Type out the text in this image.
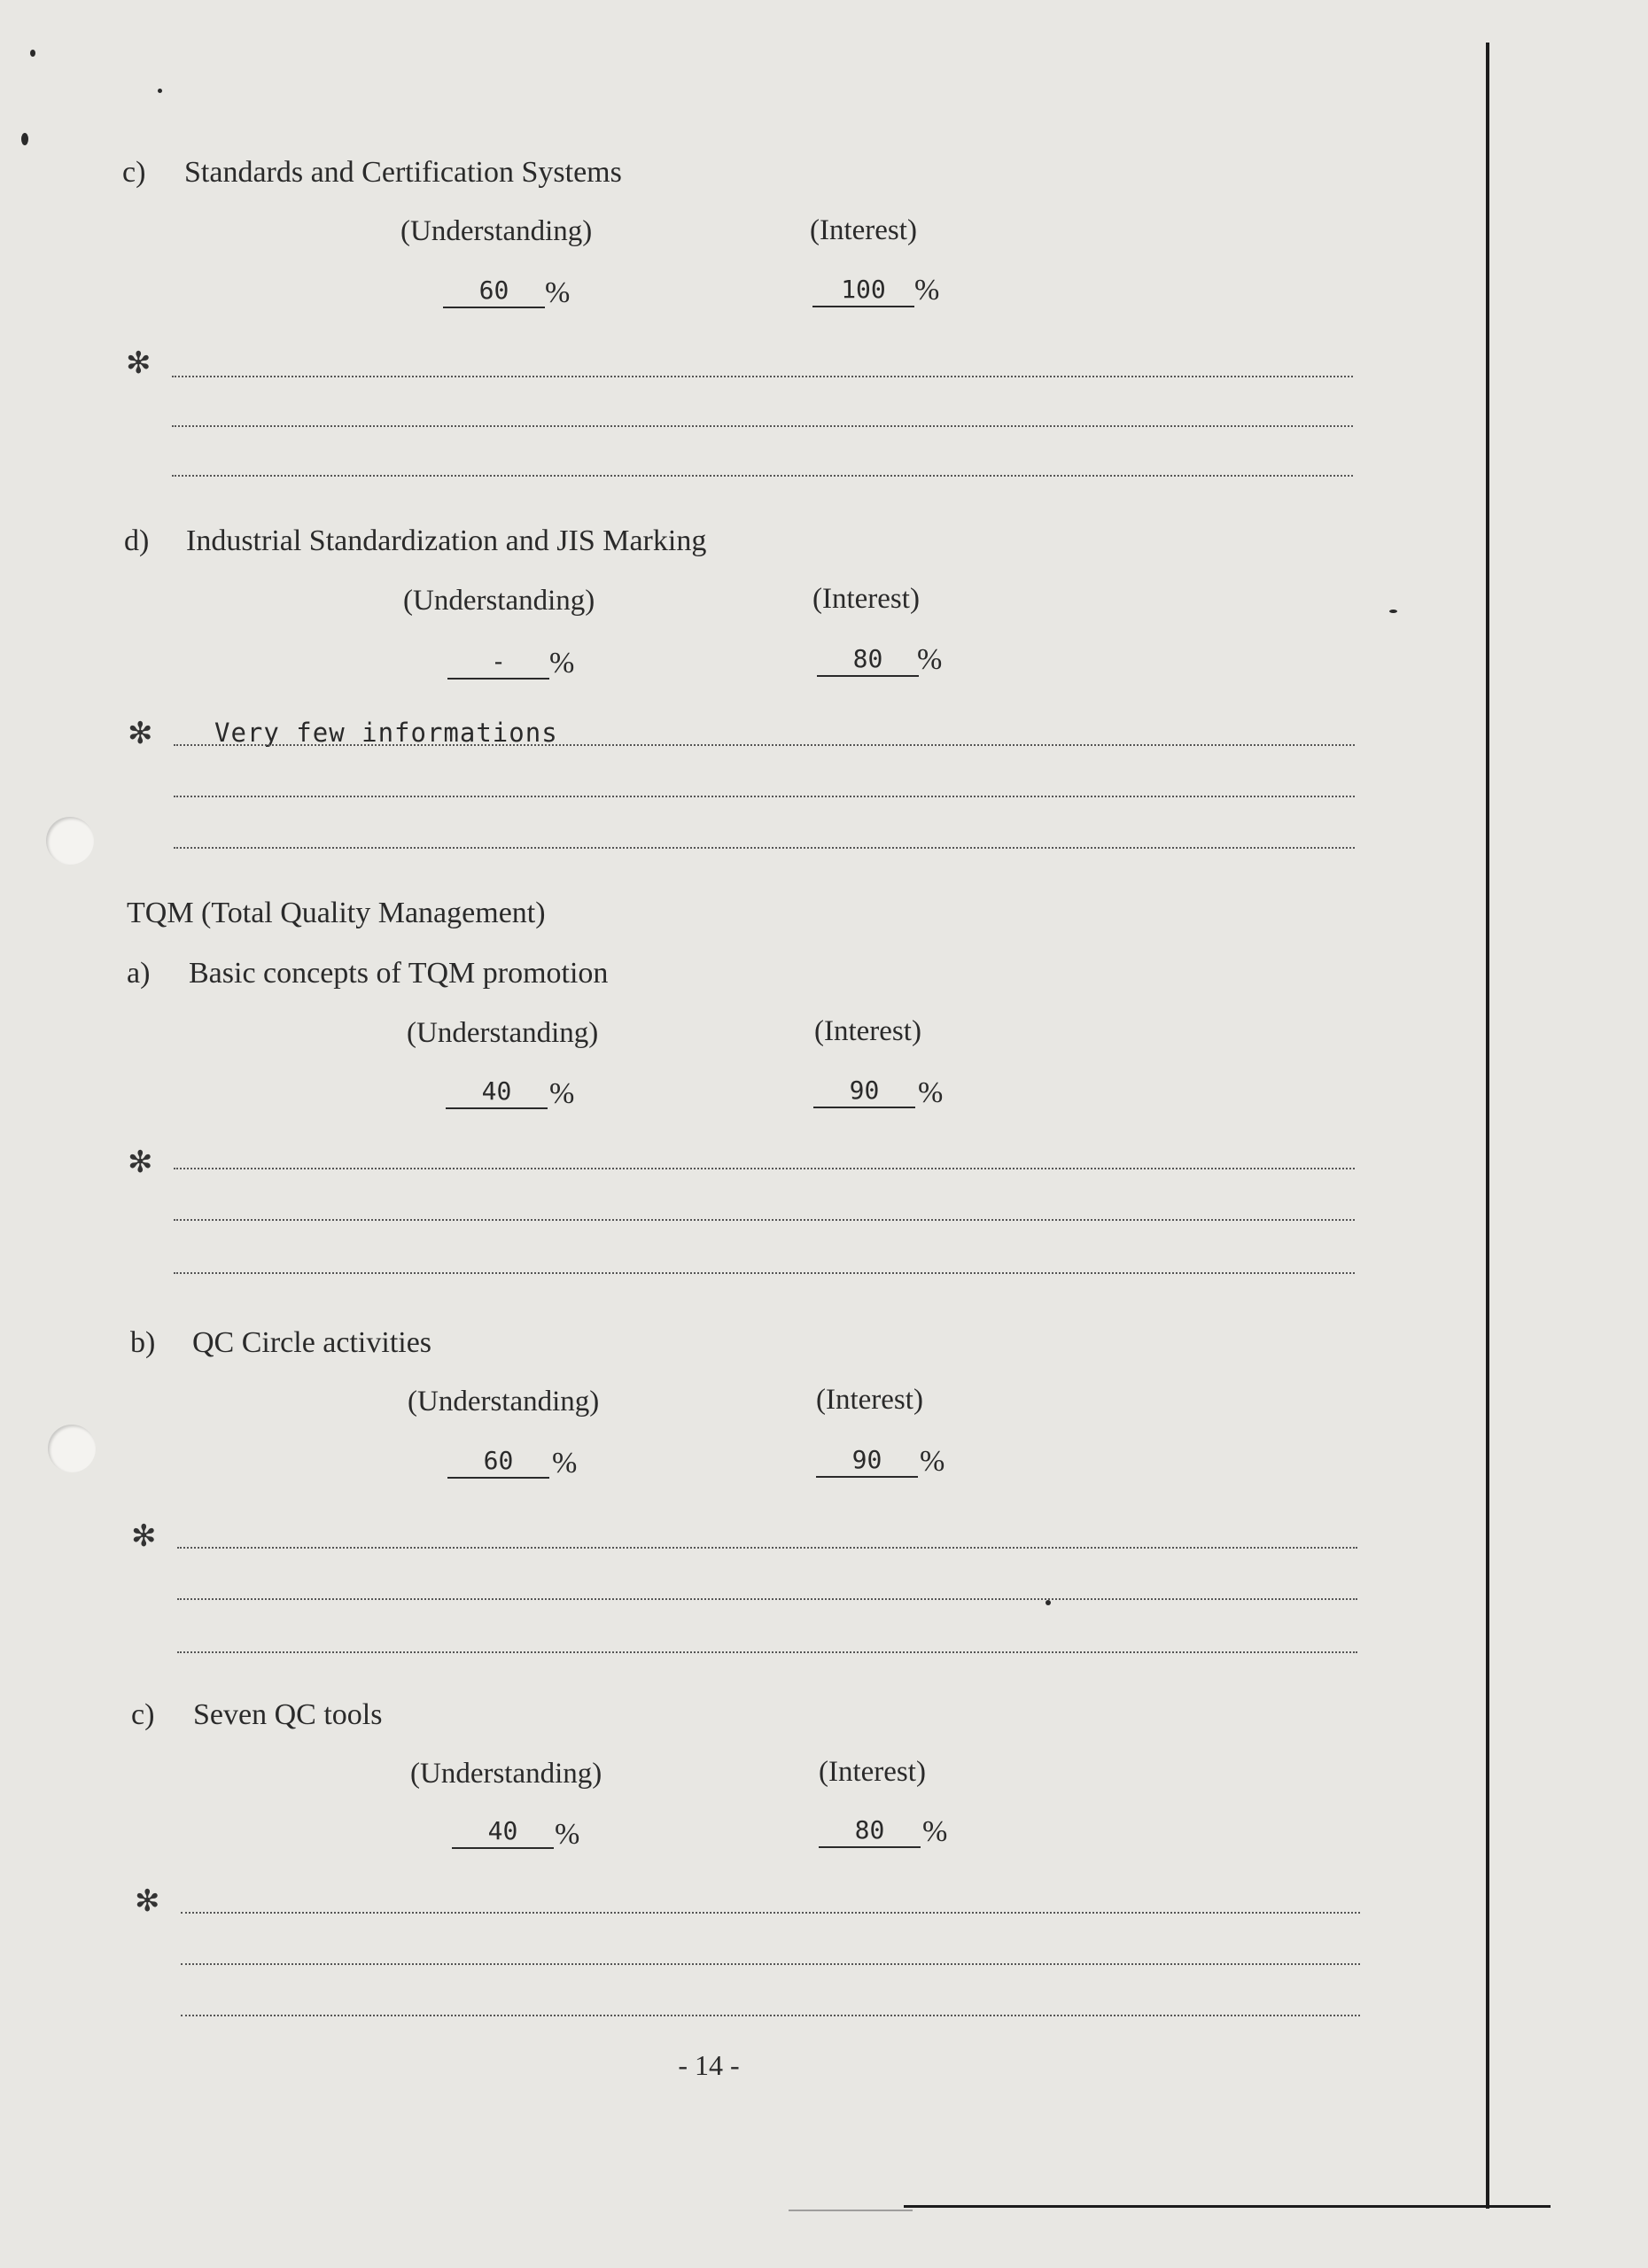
c) Standards and Certification Systems
(Understanding)	(Interest)
60	%	100 %
✻
d) Industrial Standardization and JIS Marking
(Understanding)	(Interest)
-	%	80	%
✻ Very few informations
TQM (Total Quality Management)
a) Basic concepts of TQM promotion
(Understanding)	(Interest)
40	%	90	%
✻
b) QC Circle activities
(Understanding)	(Interest)
60	%	90	%
✻
c) Seven QC tools
(Understanding)	(Interest)
40	%	80	%
✻
- 14 -
